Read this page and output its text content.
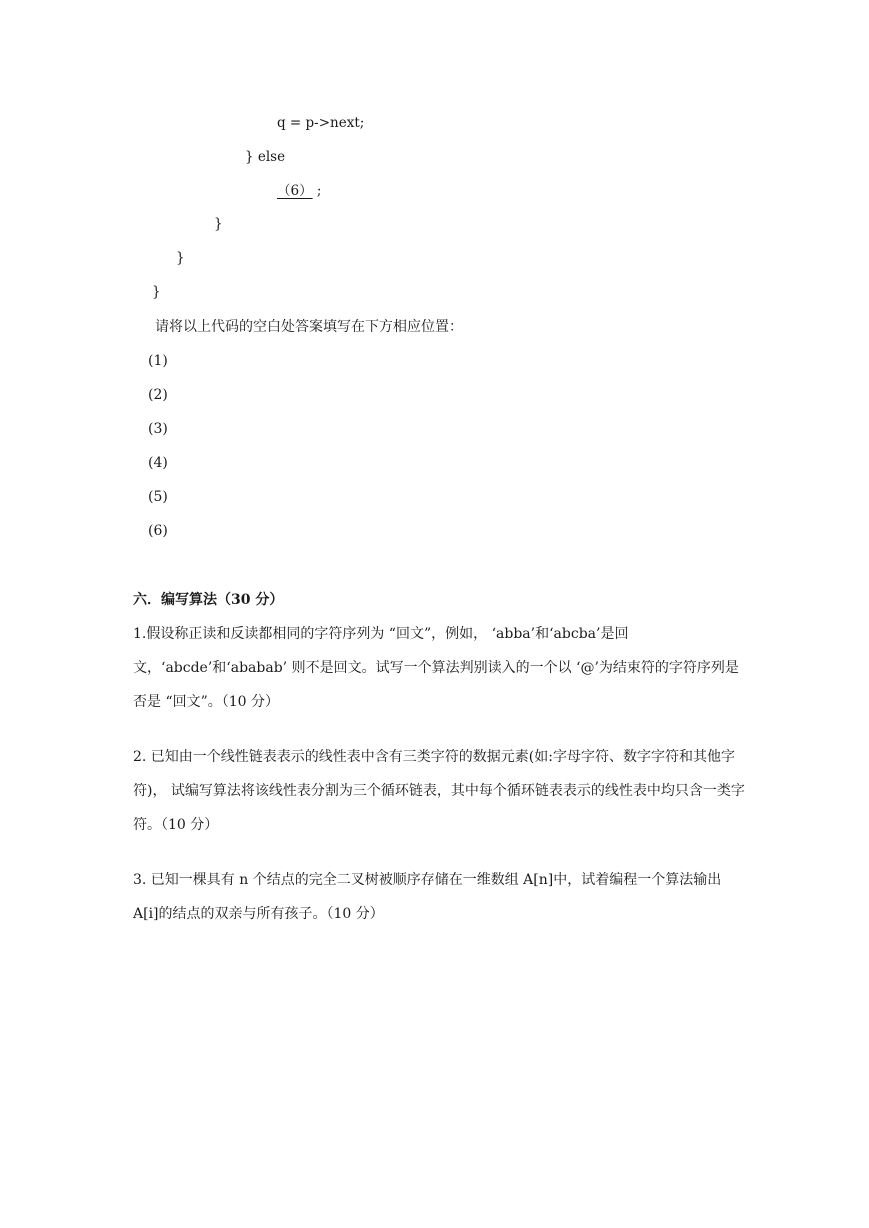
q = p->next;
} else
（6） ;
}
}
}
请将以上代码的空白处答案填写在下方相应位置：
(1)
(2)
(3)
(4)
(5)
(6)
六．编写算法（30 分）
1.假设称正读和反读都相同的字符序列为 “回文”，例如， ‘abba’和‘abcba’是回文，‘abcde’和‘ababab’ 则不是回文。试写一个算法判别读入的一个以 ‘@’为结束符的字符序列是否是 “回文”。（10 分）
2. 已知由一个线性链表表示的线性表中含有三类字符的数据元素(如:字母字符、数字字符和其他字符)， 试编写算法将该线性表分割为三个循环链表，其中每个循环链表表示的线性表中均只含一类字符。（10 分）
3. 已知一棵具有 n 个结点的完全二叉树被顺序存储在一维数组 A[n]中，试着编程一个算法输出 A[i]的结点的双亲与所有孩子。（10 分）
